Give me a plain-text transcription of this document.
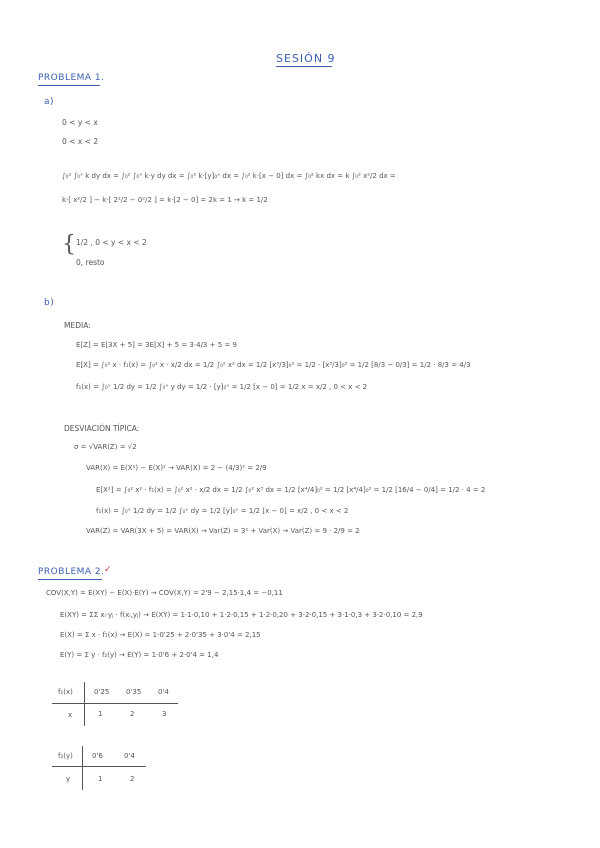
SESIÓN 9
PROBLEMA 1.
a)
0 < y < x
0 < x < 2
∫₀² ∫₀ˣ k dy dx = ∫₀² ∫₀ˣ k·y dy dx = ∫₀² k·[y]₀ˣ dx = ∫₀² k·[x − 0] dx = ∫₀² kx dx = k ∫₀² x²/2 dx =
k·[ x²/2 ] − k·[ 2²/2 − 0²/2 ] = k·[2 − 0] = 2k = 1 → k = 1/2
{ 1/2 , 0 < y < x < 2
0, resto
b)
MEDIA:
E[Z] = E[3X + 5] = 3E[X] + 5 = 3·4/3 + 5 = 9
E[X] = ∫₀² x · f₁(x) = ∫₀² x · x/2 dx = 1/2 ∫₀² x² dx = 1/2 [x³/3]₀² = 1/2 · [x³/3]₀² = 1/2 [8/3 − 0/3] = 1/2 · 8/3 = 4/3
f₁(x) = ∫₀ˣ 1/2 dy = 1/2 ∫₀ˣ y dy = 1/2 · [y]₀ˣ = 1/2 [x − 0] = 1/2 x = x/2 , 0 < x < 2
DESVIACIÓN TÍPICA:
σ = √VAR(Z) = √2
VAR(X) = E(X²) − E(X)² → VAR(X) = 2 − (4/3)² = 2/9
E[X²] = ∫₀² x² · f₁(x) = ∫₀² x² · x/2 dx = 1/2 ∫₀² x³ dx = 1/2 [x⁴/4]₀² = 1/2 [x⁴/4]₀² = 1/2 [16/4 − 0/4] = 1/2 · 4 = 2
f₁(x) = ∫₀ˣ 1/2 dy = 1/2 ∫₀ˣ dy = 1/2 [y]₀ˣ = 1/2 [x − 0] = x/2 , 0 < x < 2
VAR(Z) = VAR(3X + 5) = VAR(X) → Var(Z) = 3² + Var(X) → Var(Z) = 9 · 2/9 = 2
PROBLEMA 2. ✓
COV(X,Y) = E(XY) − E(X)·E(Y) → COV(X,Y) = 2'9 − 2,15·1,4 = −0,11
E(XY) = ΣΣ xᵢ·yⱼ · f(xᵢ,yⱼ) → E(XY) = 1·1·0,10 + 1·2·0,15 + 1·2·0,20 + 3·2·0,15 + 3·1·0,3 + 3·2·0,10 = 2,9
E(X) = Σ x · f₁(x) → E(X) = 1·0'25 + 2·0'35 + 3·0'4 = 2,15
E(Y) = Σ y · f₂(y) → E(Y) = 1·0'6 + 2·0'4 = 1,4
f₁(x)	0'25 0'35 0'4
x	1	2	3
f₂(y)	0'6	0'4
y	1	2
